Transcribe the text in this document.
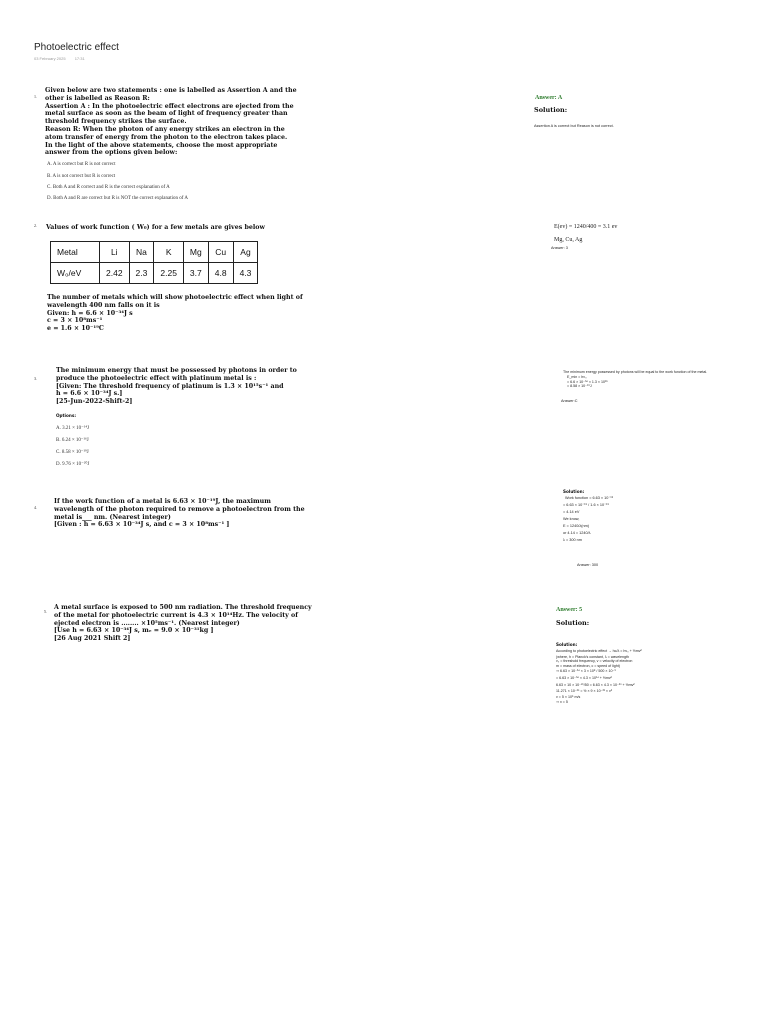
Photoelectric effect
03 February 2025 17:31
1.
Given below are two statements : one is labelled as Assertion A and the
other is labelled as Reason R:
Assertion A : In the photoelectric effect electrons are ejected from the
metal surface as soon as the beam of light of frequency greater than
threshold frequency strikes the surface.
Reason R: When the photon of any energy strikes an electron in the
atom transfer of energy from the photon to the electron takes place.
In the light of the above statements, choose the most appropriate
answer from the options given below:
A. A is correct but R is not correct
B. A is not correct but R is correct
C. Both A and R correct and R is the correct explanation of A
D. Both A and R are correct but R is NOT the correct explanation of A
Answer: A
Solution:
Assertion A is correct but Reason is not correct.
2. Values of work function ( W₀) for a few metals are gives below
Metal	Li	Na	K	Mg	Cu	Ag
W₀/eV	2.42	2.3	2.25	3.7	4.8	4.3
The number of metals which will show photoelectric effect when light of
wavelength 400 nm falls on it is
Given: h = 6.6 × 10⁻³⁴J s
c = 3 × 10⁸ms⁻¹
e = 1.6 × 10⁻¹⁹C
E(ev) = 1240/400 = 3.1 ev
Mg, Cu, Ag
Answer: 3
3.
The minimum energy that must be possessed by photons in order to
produce the photoelectric effect with platinum metal is :
[Given: The threshold frequency of platinum is 1.3 × 10¹⁵s⁻¹ and
h = 6.6 × 10⁻³⁴J s.]
[25-Jun-2022-Shift-2]
Options:
A. 3.21 × 10⁻¹⁴J
B. 6.24 × 10⁻¹⁶J
C. 8.58 × 10⁻¹⁹J
D. 9.76 × 10⁻²⁰J
The minimum energy possessed by photons will be equal to the work function of the metal.
E_min = hν₀
= 6.6 × 10⁻³⁴ × 1.3 × 10¹⁵
= 8.58 × 10⁻¹⁹J
Answer:C
4.
If the work function of a metal is 6.63 × 10⁻¹⁹J, the maximum
wavelength of the photon required to remove a photoelectron from the
metal is___ nm. (Nearest integer)
[Given : h = 6.63 × 10⁻³⁴J s, and c = 3 × 10⁸ms⁻¹ ]
Solution:
Work function = 6.63 × 10⁻¹⁹
= 6.63 × 10⁻¹⁹ / 1.6 × 10⁻¹⁹
= 4.14 eV
We know,
E = 1240/λ(nm)
or 4.14 = 1240/λ
λ = 300 nm
Answer: 300
5.
A metal surface is exposed to 500 nm radiation. The threshold frequency
of the metal for photoelectric current is 4.3 × 10¹⁴Hz. The velocity of
ejected electron is ........ ×10⁵ms⁻¹. (Nearest integer)
[Use h = 6.63 × 10⁻³⁴J s, mₑ = 9.0 × 10⁻³¹kg ]
[26 Aug 2021 Shift 2]
Answer: 5
Solution:
Solution:
According to photoelectric effect → hc/λ = hν₀ + ½mv²
(where, h = Planck's constant, λ = wavelength
ν₀ = threshold frequency, v = velocity of electron
m = mass of electron, c = speed of light)
⇒ 6.63 × 10⁻³⁴ × 3 × 10⁸ / 500 × 10⁻⁹
= 6.63 × 10⁻³⁴ × 4.3 × 10¹⁴ + ½mv²
6.63 × 10 × 10⁻²⁰/50 = 6.63 × 4.3 × 10⁻²⁰ + ½mv²
11.271 × 10⁻²⁰ = ½ × 9 × 10⁻³¹ × v²
v = 5 × 10⁵ m/s
⇒ x = 5
